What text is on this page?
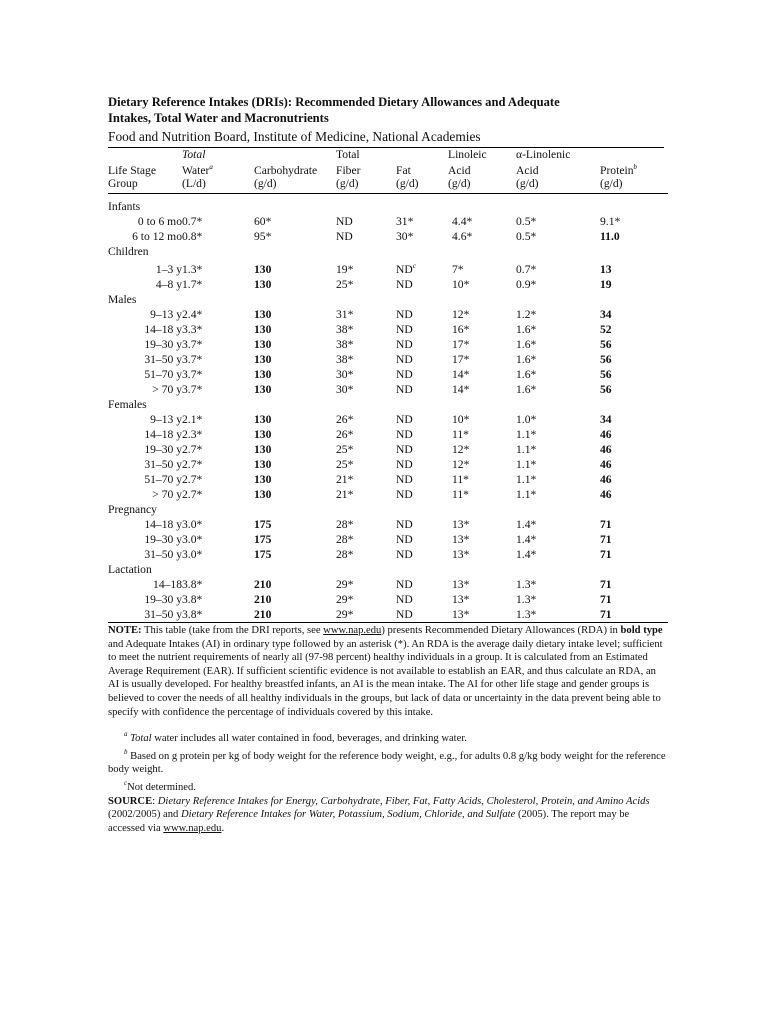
Dietary Reference Intakes (DRIs): Recommended Dietary Allowances and Adequate
Intakes, Total Water and Macronutrients
Food and Nutrition Board, Institute of Medicine, National Academies
	Total		Total		Linoleic	α-Linolenic	
Life Stage	Water$^a$	Carbohydrate	Fiber	Fat	Acid	Acid	Protein$^b$
Group	(L/d)	(g/d)	(g/d)	(g/d)	(g/d)	(g/d)	(g/d)
Infants							
0 to 6 mo	0.7*	60*	ND	31*	4.4*	0.5*	9.1*
6 to 12 mo	0.8*	95*	ND	30*	4.6*	0.5*	11.0
Children							
1–3 y	1.3*	130	19*	$ND^c$	7*	0.7*	13
4–8 y	1.7*	130	25*	ND	10*	0.9*	19
Males							
9–13 y	2.4*	130	31*	ND	12*	1.2*	34
14–18 y	3.3*	130	38*	ND	16*	1.6*	52
19–30 y	3.7*	130	38*	ND	17*	1.6*	56
31–50 y	3.7*	130	38*	ND	17*	1.6*	56
51–70 y	3.7*	130	30*	ND	14*	1.6*	56
> 70 y	3.7*	130	30*	ND	14*	1.6*	56
Females							
9–13 y	2.1*	130	26*	ND	10*	1.0*	34
14–18 y	2.3*	130	26*	ND	11*	1.1*	46
19–30 y	2.7*	130	25*	ND	12*	1.1*	46
31–50 y	2.7*	130	25*	ND	12*	1.1*	46
51–70 y	2.7*	130	21*	ND	11*	1.1*	46
> 70 y	2.7*	130	21*	ND	11*	1.1*	46
Pregnancy							
14–18 y	3.0*	175	28*	ND	13*	1.4*	71
19–30 y	3.0*	175	28*	ND	13*	1.4*	71
31–50 y	3.0*	175	28*	ND	13*	1.4*	71
Lactation							
14–18	3.8*	210	29*	ND	13*	1.3*	71
19–30 y	3.8*	210	29*	ND	13*	1.3*	71
31–50 y	3.8*	210	29*	ND	13*	1.3*	71

NOTE: This table (take from the DRI reports, see www.nap.edu) presents Recommended Dietary Allowances (RDA) in bold type and Adequate Intakes (AI) in ordinary type followed by an asterisk (*). An RDA is the average daily dietary intake level; sufficient to meet the nutrient requirements of nearly all (97-98 percent) healthy individuals in a group. It is calculated from an Estimated Average Requirement (EAR). If sufficient scientific evidence is not available to establish an EAR, and thus calculate an RDA, an AI is usually developed. For healthy breastfed infants, an AI is the mean intake. The AI for other life stage and gender groups is believed to cover the needs of all healthy individuals in the groups, but lack of data or uncertainty in the data prevent being able to specify with confidence the percentage of individuals covered by this intake.

$^a$ Total water includes all water contained in food, beverages, and drinking water.

$^b$ Based on g protein per kg of body weight for the reference body weight, e.g., for adults 0.8 g/kg body weight for the reference body weight.

$^c$Not determined.

SOURCE: Dietary Reference Intakes for Energy, Carbohydrate, Fiber, Fat, Fatty Acids, Cholesterol, Protein, and Amino Acids (2002/2005) and Dietary Reference Intakes for Water, Potassium, Sodium, Chloride, and Sulfate (2005). The report may be accessed via www.nap.edu.
